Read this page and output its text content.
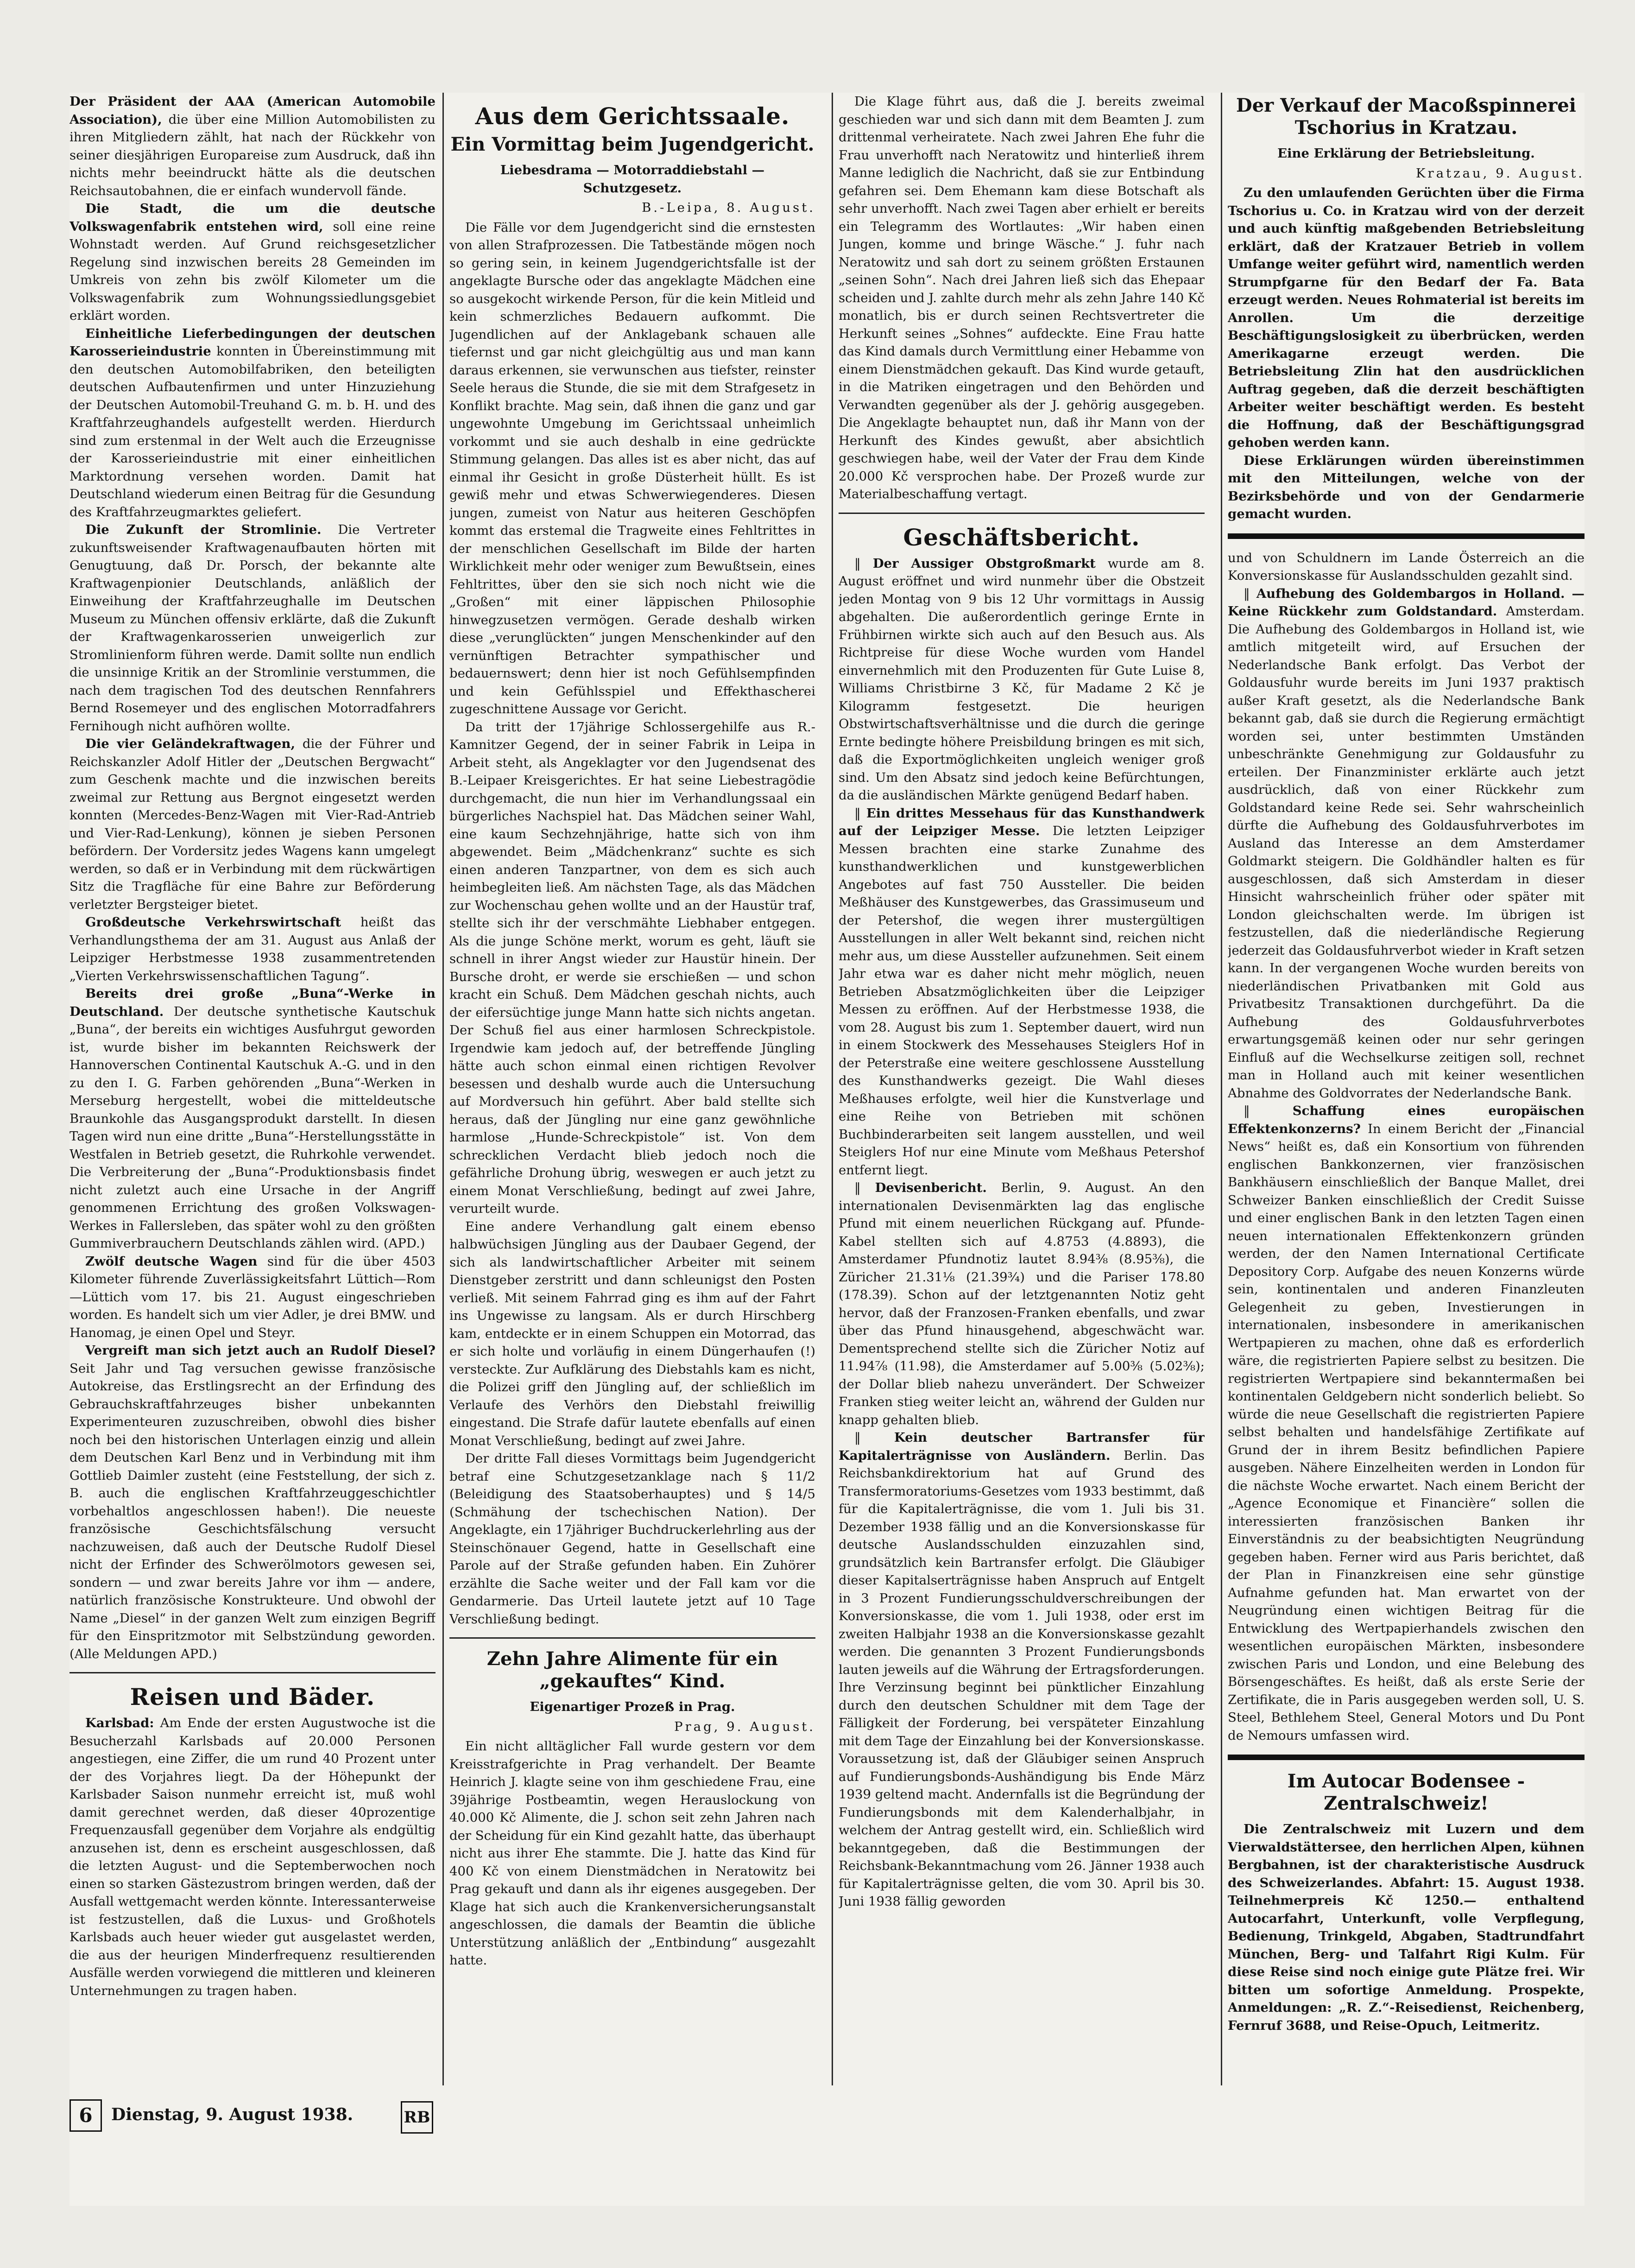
Der Präsident der AAA (American Automobile Association), die über eine Million Automobilisten zu ihren Mitgliedern zählt, hat nach der Rückkehr von seiner diesjährigen Europareise zum Ausdruck, daß ihn nichts mehr beeindruckt hätte als die deutschen Reichsautobahnen, die er einfach wundervoll fände.

Die Stadt, die um die deutsche Volkswagenfabrik entstehen wird, soll eine reine Wohnstadt werden. Auf Grund reichsgesetzlicher Regelung sind inzwischen bereits 28 Gemeinden im Umkreis von zehn bis zwölf Kilometer um die Volkswagenfabrik zum Wohnungssiedlungsgebiet erklärt worden.

Einheitliche Lieferbedingungen der deutschen Karosserieindustrie konnten in Übereinstimmung mit den deutschen Automobilfabriken, den beteiligten deutschen Aufbautenfirmen und unter Hinzuziehung der Deutschen Automobil-Treuhand G. m. b. H. und des Kraftfahrzeughandels aufgestellt werden. Hierdurch sind zum erstenmal in der Welt auch die Erzeugnisse der Karosserieindustrie mit einer einheitlichen Marktordnung versehen worden. Damit hat Deutschland wiederum einen Beitrag für die Gesundung des Kraftfahrzeugmarktes geliefert.

Die Zukunft der Stromlinie. Die Vertreter zukunftsweisender Kraftwagenaufbauten hörten mit Genugtuung, daß Dr. Porsch, der bekannte alte Kraftwagenpionier Deutschlands, anläßlich der Einweihung der Kraftfahrzeughalle im Deutschen Museum zu München offensiv erklärte, daß die Zukunft der Kraftwagenkarosserien unweigerlich zur Stromlinienform führen werde. Damit sollte nun endlich die unsinnige Kritik an der Stromlinie verstummen, die nach dem tragischen Tod des deutschen Rennfahrers Bernd Rosemeyer und des englischen Motorradfahrers Fernihough nicht aufhören wollte.

Die vier Geländekraftwagen, die der Führer und Reichskanzler Adolf Hitler der „Deutschen Bergwacht“ zum Geschenk machte und die inzwischen bereits zweimal zur Rettung aus Bergnot eingesetzt werden konnten (Mercedes-Benz-Wagen mit Vier-Rad-Antrieb und Vier-Rad-Lenkung), können je sieben Personen befördern. Der Vordersitz jedes Wagens kann umgelegt werden, so daß er in Verbindung mit dem rückwärtigen Sitz die Tragfläche für eine Bahre zur Beförderung verletzter Bergsteiger bietet.

Großdeutsche Verkehrswirtschaft heißt das Verhandlungsthema der am 31. August aus Anlaß der Leipziger Herbstmesse 1938 zusammentretenden „Vierten Verkehrswissenschaftlichen Tagung“.

Bereits drei große „Buna“-Werke in Deutschland. Der deutsche synthetische Kautschuk „Buna“, der bereits ein wichtiges Ausfuhrgut geworden ist, wurde bisher im bekannten Reichswerk der Hannoverschen Continental Kautschuk A.-G. und in den zu den I. G. Farben gehörenden „Buna“-Werken in Merseburg hergestellt, wobei die mitteldeutsche Braunkohle das Ausgangsprodukt darstellt. In diesen Tagen wird nun eine dritte „Buna“-Herstellungsstätte in Westfalen in Betrieb gesetzt, die Ruhrkohle verwendet. Die Verbreiterung der „Buna“-Produktionsbasis findet nicht zuletzt auch eine Ursache in der Angriff genommenen Errichtung des großen Volkswagen-Werkes in Fallersleben, das später wohl zu den größten Gummiverbrauchern Deutschlands zählen wird. (APD.)

Zwölf deutsche Wagen sind für die über 4503 Kilometer führende Zuverlässigkeitsfahrt Lüttich—Rom—Lüttich vom 17. bis 21. August eingeschrieben worden. Es handelt sich um vier Adler, je drei BMW. und Hanomag, je einen Opel und Steyr.

Vergreift man sich jetzt auch an Rudolf Diesel? Seit Jahr und Tag versuchen gewisse französische Autokreise, das Erstlingsrecht an der Erfindung des Gebrauchskraftfahrzeuges bisher unbekannten Experimenteuren zuzuschreiben, obwohl dies bisher noch bei den historischen Unterlagen einzig und allein dem Deutschen Karl Benz und in Verbindung mit ihm Gottlieb Daimler zusteht (eine Feststellung, der sich z. B. auch die englischen Kraftfahrzeuggeschichtler vorbehaltlos angeschlossen haben!). Die neueste französische Geschichtsfälschung versucht nachzuweisen, daß auch der Deutsche Rudolf Diesel nicht der Erfinder des Schwerölmotors gewesen sei, sondern — und zwar bereits Jahre vor ihm — andere, natürlich französische Konstrukteure. Und obwohl der Name „Diesel“ in der ganzen Welt zum einzigen Begriff für den Einspritzmotor mit Selbstzündung geworden. (Alle Meldungen APD.)

Reisen und Bäder.

Karlsbad: Am Ende der ersten Augustwoche ist die Besucherzahl Karlsbads auf 20.000 Personen angestiegen, eine Ziffer, die um rund 40 Prozent unter der des Vorjahres liegt. Da der Höhepunkt der Karlsbader Saison nunmehr erreicht ist, muß wohl damit gerechnet werden, daß dieser 40prozentige Frequenzausfall gegenüber dem Vorjahre als endgültig anzusehen ist, denn es erscheint ausgeschlossen, daß die letzten August- und die Septemberwochen noch einen so starken Gästezustrom bringen werden, daß der Ausfall wettgemacht werden könnte. Interessanterweise ist festzustellen, daß die Luxus- und Großhotels Karlsbads auch heuer wieder gut ausgelastet werden, die aus der heurigen Minderfrequenz resultierenden Ausfälle werden vorwiegend die mittleren und kleineren Unternehmungen zu tragen haben.

Aus dem Gerichtssaale.
Ein Vormittag beim Jugendgericht.
Liebesdrama — Motorraddiebstahl — Schutzgesetz.
B.-Leipa, 8. August.

Die Fälle vor dem Jugendgericht sind die ernstesten von allen Strafprozessen. Die Tatbestände mögen noch so gering sein, in keinem Jugendgerichtsfalle ist der angeklagte Bursche oder das angeklagte Mädchen eine so ausgekocht wirkende Person, für die kein Mitleid und kein schmerzliches Bedauern aufkommt. Die Jugendlichen auf der Anklagebank schauen alle tiefernst und gar nicht gleichgültig aus und man kann daraus erkennen, sie verwunschen aus tiefster, reinster Seele heraus die Stunde, die sie mit dem Strafgesetz in Konflikt brachte. Mag sein, daß ihnen die ganz und gar ungewohnte Umgebung im Gerichtssaal unheimlich vorkommt und sie auch deshalb in eine gedrückte Stimmung gelangen. Das alles ist es aber nicht, das auf einmal ihr Gesicht in große Düsterheit hüllt. Es ist gewiß mehr und etwas Schwerwiegenderes. Diesen jungen, zumeist von Natur aus heiteren Geschöpfen kommt das erstemal die Tragweite eines Fehltrittes in der menschlichen Gesellschaft im Bilde der harten Wirklichkeit mehr oder weniger zum Bewußtsein, eines Fehltrittes, über den sie sich noch nicht wie die „Großen“ mit einer läppischen Philosophie hinwegzusetzen vermögen. Gerade deshalb wirken diese „verunglückten“ jungen Menschenkinder auf den vernünftigen Betrachter sympathischer und bedauernswert; denn hier ist noch Gefühlsempfinden und kein Gefühlsspiel und Effekthascherei zugeschnittene Aussage vor Gericht.

Da tritt der 17jährige Schlossergehilfe aus R.-Kamnitzer Gegend, der in seiner Fabrik in Leipa in Arbeit steht, als Angeklagter vor den Jugendsenat des B.-Leipaer Kreisgerichtes. Er hat seine Liebestragödie durchgemacht, die nun hier im Verhandlungssaal ein bürgerliches Nachspiel hat. Das Mädchen seiner Wahl, eine kaum Sechzehnjährige, hatte sich von ihm abgewendet. Beim „Mädchenkranz“ suchte es sich einen anderen Tanzpartner, von dem es sich auch heimbegleiten ließ. Am nächsten Tage, als das Mädchen zur Wochenschau gehen wollte und an der Haustür traf, stellte sich ihr der verschmähte Liebhaber entgegen. Als die junge Schöne merkt, worum es geht, läuft sie schnell in ihrer Angst wieder zur Haustür hinein. Der Bursche droht, er werde sie erschießen — und schon kracht ein Schuß. Dem Mädchen geschah nichts, auch der eifersüchtige junge Mann hatte sich nichts angetan. Der Schuß fiel aus einer harmlosen Schreckpistole. Irgendwie kam jedoch auf, der betreffende Jüngling hätte auch schon einmal einen richtigen Revolver besessen und deshalb wurde auch die Untersuchung auf Mordversuch hin geführt. Aber bald stellte sich heraus, daß der Jüngling nur eine ganz gewöhnliche harmlose „Hunde-Schreckpistole“ ist. Von dem schrecklichen Verdacht blieb jedoch noch die gefährliche Drohung übrig, weswegen er auch jetzt zu einem Monat Verschließung, bedingt auf zwei Jahre, verurteilt wurde.

Eine andere Verhandlung galt einem ebenso halbwüchsigen Jüngling aus der Daubaer Gegend, der sich als landwirtschaftlicher Arbeiter mit seinem Dienstgeber zerstritt und dann schleunigst den Posten verließ. Mit seinem Fahrrad ging es ihm auf der Fahrt ins Ungewisse zu langsam. Als er durch Hirschberg kam, entdeckte er in einem Schuppen ein Motorrad, das er sich holte und vorläufig in einem Düngerhaufen (!) versteckte. Zur Aufklärung des Diebstahls kam es nicht, die Polizei griff den Jüngling auf, der schließlich im Verlaufe des Verhörs den Diebstahl freiwillig eingestand. Die Strafe dafür lautete ebenfalls auf einen Monat Verschließung, bedingt auf zwei Jahre.

Der dritte Fall dieses Vormittags beim Jugendgericht betraf eine Schutzgesetzanklage nach § 11/2 (Beleidigung des Staatsoberhauptes) und § 14/5 (Schmähung der tschechischen Nation). Der Angeklagte, ein 17jähriger Buchdruckerlehrling aus der Steinschönauer Gegend, hatte in Gesellschaft eine Parole auf der Straße gefunden haben. Ein Zuhörer erzählte die Sache weiter und der Fall kam vor die Gendarmerie. Das Urteil lautete jetzt auf 10 Tage Verschließung bedingt.

Zehn Jahre Alimente für ein „gekauftes“ Kind.
Eigenartiger Prozeß in Prag.
Prag, 9. August.

Ein nicht alltäglicher Fall wurde gestern vor dem Kreisstrafgerichte in Prag verhandelt. Der Beamte Heinrich J. klagte seine von ihm geschiedene Frau, eine 39jährige Postbeamtin, wegen Herauslockung von 40.000 Kč Alimente, die J. schon seit zehn Jahren nach der Scheidung für ein Kind gezahlt hatte, das überhaupt nicht aus ihrer Ehe stammte. Die J. hatte das Kind für 400 Kč von einem Dienstmädchen in Neratowitz bei Prag gekauft und dann als ihr eigenes ausgegeben. Der Klage hat sich auch die Krankenversicherungsanstalt angeschlossen, die damals der Beamtin die übliche Unterstützung anläßlich der „Entbindung“ ausgezahlt hatte.

Die Klage führt aus, daß die J. bereits zweimal geschieden war und sich dann mit dem Beamten J. zum drittenmal verheiratete. Nach zwei Jahren Ehe fuhr die Frau unverhofft nach Neratowitz und hinterließ ihrem Manne lediglich die Nachricht, daß sie zur Entbindung gefahren sei. Dem Ehemann kam diese Botschaft als sehr unverhofft. Nach zwei Tagen aber erhielt er bereits ein Telegramm des Wortlautes: „Wir haben einen Jungen, komme und bringe Wäsche.“ J. fuhr nach Neratowitz und sah dort zu seinem größten Erstaunen „seinen Sohn“. Nach drei Jahren ließ sich das Ehepaar scheiden und J. zahlte durch mehr als zehn Jahre 140 Kč monatlich, bis er durch seinen Rechtsvertreter die Herkunft seines „Sohnes“ aufdeckte. Eine Frau hatte das Kind damals durch Vermittlung einer Hebamme von einem Dienstmädchen gekauft. Das Kind wurde getauft, in die Matriken eingetragen und den Behörden und Verwandten gegenüber als der J. gehörig ausgegeben. Die Angeklagte behauptet nun, daß ihr Mann von der Herkunft des Kindes gewußt, aber absichtlich geschwiegen habe, weil der Vater der Frau dem Kinde 20.000 Kč versprochen habe. Der Prozeß wurde zur Materialbeschaffung vertagt.

Geschäftsbericht.

‖ Der Aussiger Obstgroßmarkt wurde am 8. August eröffnet und wird nunmehr über die Obstzeit jeden Montag von 9 bis 12 Uhr vormittags in Aussig abgehalten. Die außerordentlich geringe Ernte in Frühbirnen wirkte sich auch auf den Besuch aus. Als Richtpreise für diese Woche wurden vom Handel einvernehmlich mit den Produzenten für Gute Luise 8, Williams Christbirne 3 Kč, für Madame 2 Kč je Kilogramm festgesetzt. Die heurigen Obstwirtschaftsverhältnisse und die durch die geringe Ernte bedingte höhere Preisbildung bringen es mit sich, daß die Exportmöglichkeiten ungleich weniger groß sind. Um den Absatz sind jedoch keine Befürchtungen, da die ausländischen Märkte genügend Bedarf haben.

‖ Ein drittes Messehaus für das Kunsthandwerk auf der Leipziger Messe. Die letzten Leipziger Messen brachten eine starke Zunahme des kunsthandwerklichen und kunstgewerblichen Angebotes auf fast 750 Aussteller. Die beiden Meßhäuser des Kunstgewerbes, das Grassimuseum und der Petershof, die wegen ihrer mustergültigen Ausstellungen in aller Welt bekannt sind, reichen nicht mehr aus, um diese Aussteller aufzunehmen. Seit einem Jahr etwa war es daher nicht mehr möglich, neuen Betrieben Absatzmöglichkeiten über die Leipziger Messen zu eröffnen. Auf der Herbstmesse 1938, die vom 28. August bis zum 1. September dauert, wird nun in einem Stockwerk des Messehauses Steiglers Hof in der Peterstraße eine weitere geschlossene Ausstellung des Kunsthandwerks gezeigt. Die Wahl dieses Meßhauses erfolgte, weil hier die Kunstverlage und eine Reihe von Betrieben mit schönen Buchbinderarbeiten seit langem ausstellen, und weil Steiglers Hof nur eine Minute vom Meßhaus Petershof entfernt liegt.

‖ Devisenbericht. Berlin, 9. August. An den internationalen Devisenmärkten lag das englische Pfund mit einem neuerlichen Rückgang auf. Pfunde-Kabel stellten sich auf 4.8753 (4.8893), die Amsterdamer Pfundnotiz lautet 8.94⅜ (8.95⅜), die Züricher 21.31⅛ (21.39¾) und die Pariser 178.80 (178.39). Schon auf der letztgenannten Notiz geht hervor, daß der Franzosen-Franken ebenfalls, und zwar über das Pfund hinausgehend, abgeschwächt war. Dementsprechend stellte sich die Züricher Notiz auf 11.94⅞ (11.98), die Amsterdamer auf 5.00⅜ (5.02⅜); der Dollar blieb nahezu unverändert. Der Schweizer Franken stieg weiter leicht an, während der Gulden nur knapp gehalten blieb.

‖ Kein deutscher Bartransfer für Kapitalerträgnisse von Ausländern. Berlin. Das Reichsbankdirektorium hat auf Grund des Transfermoratoriums-Gesetzes vom 1933 bestimmt, daß für die Kapitalerträgnisse, die vom 1. Juli bis 31. Dezember 1938 fällig und an die Konversionskasse für deutsche Auslandsschulden einzuzahlen sind, grundsätzlich kein Bartransfer erfolgt. Die Gläubiger dieser Kapitalserträgnisse haben Anspruch auf Entgelt in 3 Prozent Fundierungsschuldverschreibungen der Konversionskasse, die vom 1. Juli 1938, oder erst im zweiten Halbjahr 1938 an die Konversionskasse gezahlt werden. Die genannten 3 Prozent Fundierungsbonds lauten jeweils auf die Währung der Ertragsforderungen. Ihre Verzinsung beginnt bei pünktlicher Einzahlung durch den deutschen Schuldner mit dem Tage der Fälligkeit der Forderung, bei verspäteter Einzahlung mit dem Tage der Einzahlung bei der Konversionskasse. Voraussetzung ist, daß der Gläubiger seinen Anspruch auf Fundierungsbonds-Aushändigung bis Ende März 1939 geltend macht. Andernfalls ist die Begründung der Fundierungsbonds mit dem Kalenderhalbjahr, in welchem der Antrag gestellt wird, ein. Schließlich wird bekanntgegeben, daß die Bestimmungen der Reichsbank-Bekanntmachung vom 26. Jänner 1938 auch für Kapitalerträgnisse gelten, die vom 30. April bis 30. Juni 1938 fällig geworden

Der Verkauf der Macoßspinnerei Tschorius in Kratzau.
Eine Erklärung der Betriebsleitung.
Kratzau, 9. August.

Zu den umlaufenden Gerüchten über die Firma Tschorius u. Co. in Kratzau wird von der derzeit und auch künftig maßgebenden Betriebsleitung erklärt, daß der Kratzauer Betrieb in vollem Umfange weiter geführt wird, namentlich werden Strumpfgarne für den Bedarf der Fa. Bata erzeugt werden. Neues Rohmaterial ist bereits im Anrollen. Um die derzeitige Beschäftigungslosigkeit zu überbrücken, werden Amerikagarne erzeugt werden. Die Betriebsleitung Zlin hat den ausdrücklichen Auftrag gegeben, daß die derzeit beschäftigten Arbeiter weiter beschäftigt werden. Es besteht die Hoffnung, daß der Beschäftigungsgrad gehoben werden kann.

Diese Erklärungen würden übereinstimmen mit den Mitteilungen, welche von der Bezirksbehörde und von der Gendarmerie gemacht wurden.

und von Schuldnern im Lande Österreich an die Konversionskasse für Auslandsschulden gezahlt sind.

‖ Aufhebung des Goldembargos in Holland. — Keine Rückkehr zum Goldstandard. Amsterdam. Die Aufhebung des Goldembargos in Holland ist, wie amtlich mitgeteilt wird, auf Ersuchen der Nederlandsche Bank erfolgt. Das Verbot der Goldausfuhr wurde bereits im Juni 1937 praktisch außer Kraft gesetzt, als die Nederlandsche Bank bekannt gab, daß sie durch die Regierung ermächtigt worden sei, unter bestimmten Umständen unbeschränkte Genehmigung zur Goldausfuhr zu erteilen. Der Finanzminister erklärte auch jetzt ausdrücklich, daß von einer Rückkehr zum Goldstandard keine Rede sei. Sehr wahrscheinlich dürfte die Aufhebung des Goldausfuhrverbotes im Ausland das Interesse an dem Amsterdamer Goldmarkt steigern. Die Goldhändler halten es für ausgeschlossen, daß sich Amsterdam in dieser Hinsicht wahrscheinlich früher oder später mit London gleichschalten werde. Im übrigen ist festzustellen, daß die niederländische Regierung jederzeit das Goldausfuhrverbot wieder in Kraft setzen kann. In der vergangenen Woche wurden bereits von niederländischen Privatbanken mit Gold aus Privatbesitz Transaktionen durchgeführt. Da die Aufhebung des Goldausfuhrverbotes erwartungsgemäß keinen oder nur sehr geringen Einfluß auf die Wechselkurse zeitigen soll, rechnet man in Holland auch mit keiner wesentlichen Abnahme des Goldvorrates der Nederlandsche Bank.

‖ Schaffung eines europäischen Effektenkonzerns? In einem Bericht der „Financial News“ heißt es, daß ein Konsortium von führenden englischen Bankkonzernen, vier französischen Bankhäusern einschließlich der Banque Mallet, drei Schweizer Banken einschließlich der Credit Suisse und einer englischen Bank in den letzten Tagen einen neuen internationalen Effektenkonzern gründen werden, der den Namen International Certificate Depository Corp. Aufgabe des neuen Konzerns würde sein, kontinentalen und anderen Finanzleuten Gelegenheit zu geben, Investierungen in internationalen, insbesondere in amerikanischen Wertpapieren zu machen, ohne daß es erforderlich wäre, die registrierten Papiere selbst zu besitzen. Die registrierten Wertpapiere sind bekanntermaßen bei kontinentalen Geldgebern nicht sonderlich beliebt. So würde die neue Gesellschaft die registrierten Papiere selbst behalten und handelsfähige Zertifikate auf Grund der in ihrem Besitz befindlichen Papiere ausgeben. Nähere Einzelheiten werden in London für die nächste Woche erwartet. Nach einem Bericht der „Agence Economique et Financière“ sollen die interessierten französischen Banken ihr Einverständnis zu der beabsichtigten Neugründung gegeben haben. Ferner wird aus Paris berichtet, daß der Plan in Finanzkreisen eine sehr günstige Aufnahme gefunden hat. Man erwartet von der Neugründung einen wichtigen Beitrag für die Entwicklung des Wertpapierhandels zwischen den wesentlichen europäischen Märkten, insbesondere zwischen Paris und London, und eine Belebung des Börsengeschäftes. Es heißt, daß als erste Serie der Zertifikate, die in Paris ausgegeben werden soll, U. S. Steel, Bethlehem Steel, General Motors und Du Pont de Nemours umfassen wird.

Im Autocar Bodensee - Zentralschweiz!

Die Zentralschweiz mit Luzern und dem Vierwaldstättersee, den herrlichen Alpen, kühnen Bergbahnen, ist der charakteristische Ausdruck des Schweizerlandes. Abfahrt: 15. August 1938. Teilnehmerpreis Kč 1250.— enthaltend Autocarfahrt, Unterkunft, volle Verpflegung, Bedienung, Trinkgeld, Abgaben, Stadtrundfahrt München, Berg- und Talfahrt Rigi Kulm. Für diese Reise sind noch einige gute Plätze frei. Wir bitten um sofortige Anmeldung. Prospekte, Anmeldungen: „R. Z.“-Reisedienst, Reichenberg, Fernruf 3688, und Reise-Opuch, Leitmeritz.

6	Dienstag, 9. August 1938.	RB
